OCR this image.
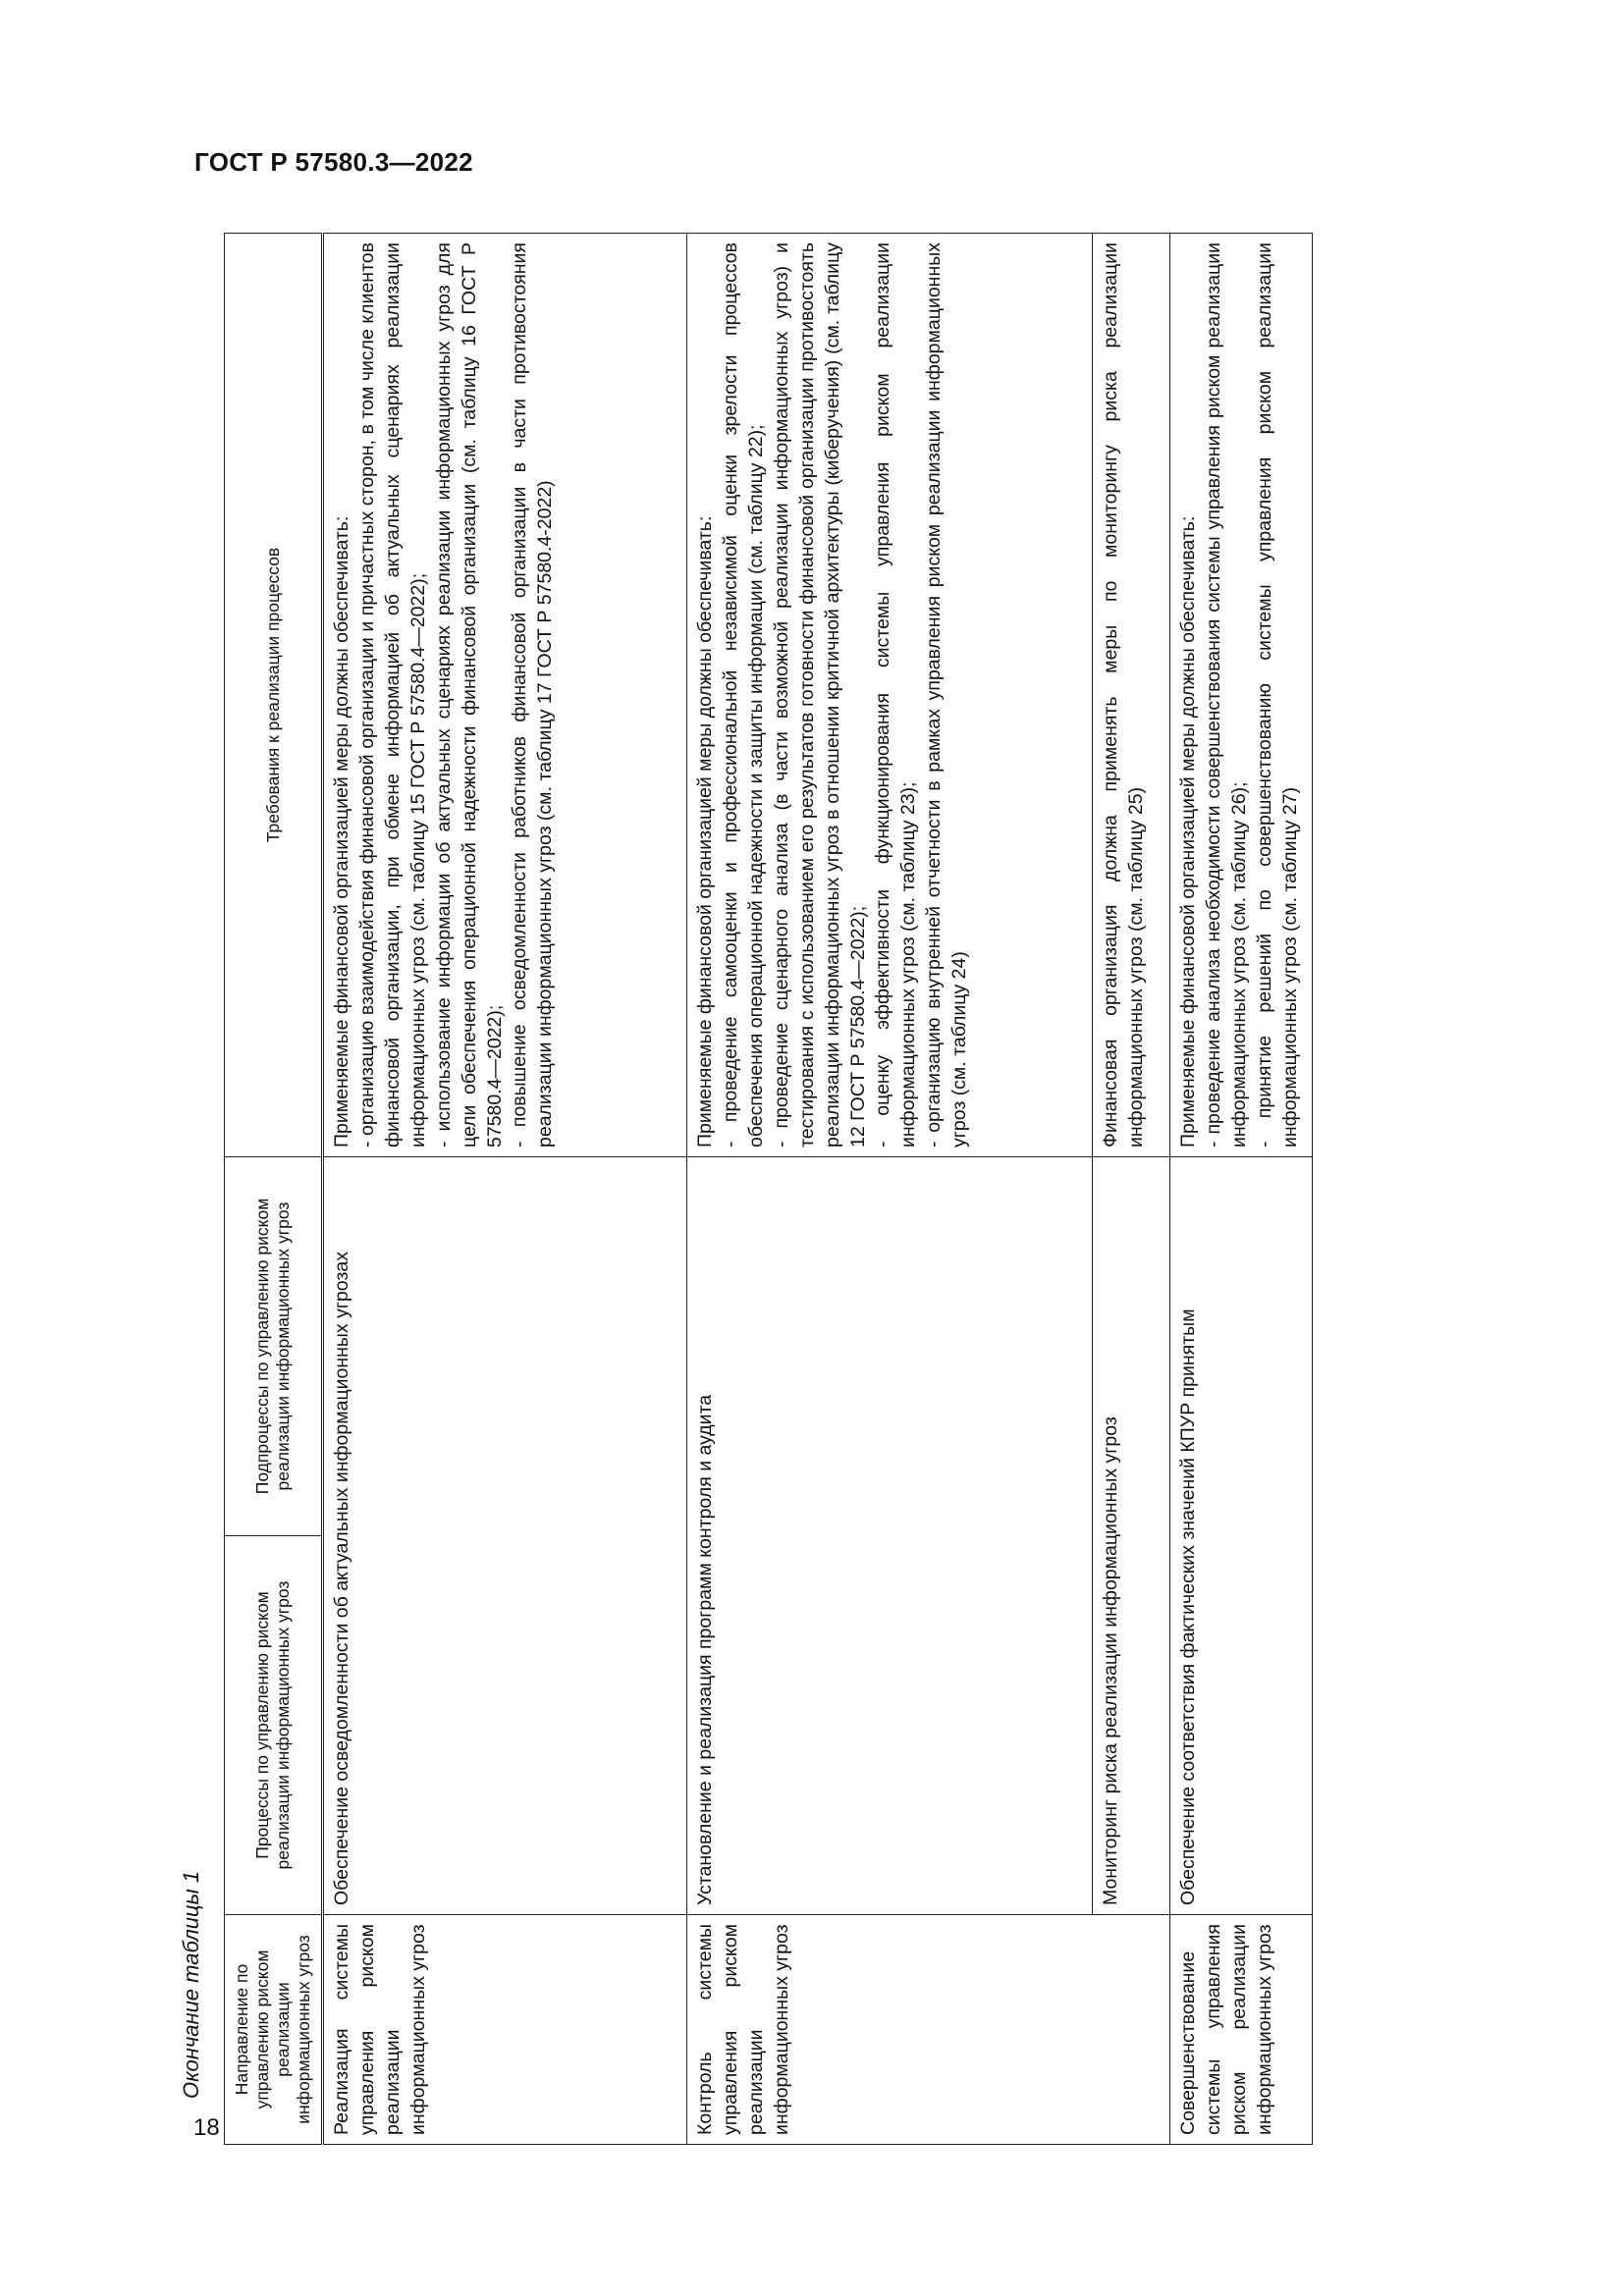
ГОСТ Р 57580.3—2022
18
Окончание таблицы 1 Направление по управлению риском реализации информационных угроз	Процессы по управлению риском реализации информационных угроз	Подпроцессы по управлению риском реализации информационных угроз	Требования к реализации процессов
Реализация системы управления риском реализации информационных угроз	Обеспечение осведомленности об актуальных информационных угрозах		Применяемые финансовой организацией меры должны обеспечивать: - организацию взаимодействия финансовой организации и причастных сторон, в том числе клиентов финансовой организации, при обмене информацией об актуальных сценариях реализации информационных угроз (см. таблицу 15 ГОСТ Р 57580.4—2022); - использование информации об актуальных сценариях реализации информационных угроз для цели обеспечения операционной надежности финансовой организации (см. таблицу 16 ГОСТ Р 57580.4—2022); - повышение осведомленности работников финансовой организации в части противостояния реализации информационных угроз (см. таблицу 17 ГОСТ Р 57580.4-2022)

Контроль системы управления риском реализации информационных угроз	Установление и реализация программ контроля и аудита		Применяемые финансовой организацией меры должны обеспечивать: - проведение самооценки и профессиональной независимой оценки зрелости процессов обеспечения операционной надежности и защиты информации (см. таблицу 22); - проведение сценарного анализа (в части возможной реализации информационных угроз) и тестирования с использованием его результатов готовности финансовой организации противостоять реализации информационных угроз в отношении критичной архитектуры (киберучения) (см. таблицу 12 ГОСТ Р 57580.4—2022); - оценку эффективности функционирования системы управления риском реализации информационных угроз (см. таблицу 23); - организацию внутренней отчетности в рамках управления риском реализации информационных угроз (см. таблицу 24)

	Мониторинг риска реализации информационных угроз		Финансовая организация должна применять меры по мониторингу риска реализации информационных угроз (см. таблицу 25)

Совершенствование системы управления риском реализации информационных угроз	Обеспечение соответствия фактических значений КПУР принятым		Применяемые финансовой организацией меры должны обеспечивать: - проведение анализа необходимости совершенствования системы управления риском реализации информационных угроз (см. таблицу 26); - принятие решений по совершенствованию системы управления риском реализации информационных угроз (см. таблицу 27)
